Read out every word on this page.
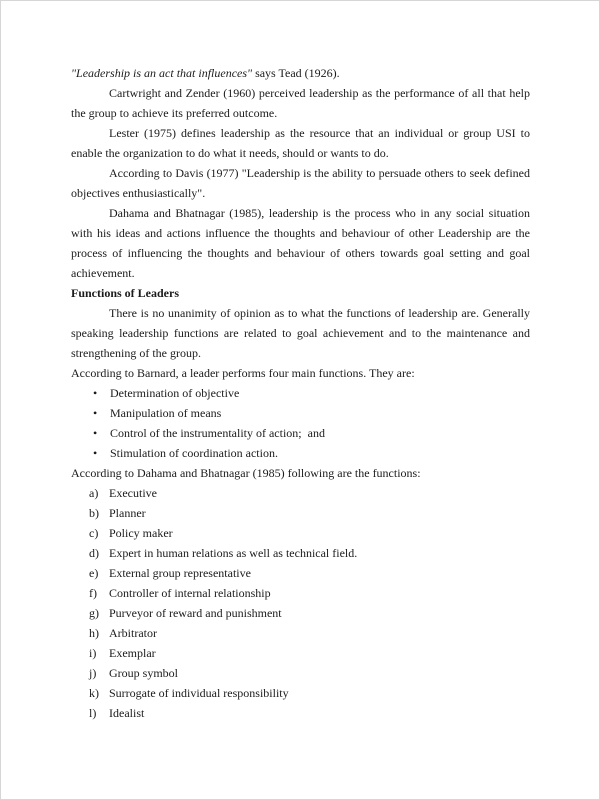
"Leadership is an act that influences" says Tead (1926).

Cartwright and Zender (1960) perceived leadership as the performance of all that help the group to achieve its preferred outcome.

Lester (1975) defines leadership as the resource that an individual or group USI to enable the organization to do what it needs, should or wants to do.

According to Davis (1977) "Leadership is the ability to persuade others to seek defined objectives enthusiastically".

Dahama and Bhatnagar (1985), leadership is the process who in any social situation with his ideas and actions influence the thoughts and behaviour of other Leadership are the process of influencing the thoughts and behaviour of others towards goal setting and goal achievement.

Functions of Leaders

There is no unanimity of opinion as to what the functions of leadership are. Generally speaking leadership functions are related to goal achievement and to the maintenance and strengthening of the group.

According to Barnard, a leader performs four main functions. They are:

•	Determination of objective
•	Manipulation of means
•	Control of the instrumentality of action;  and
•	Stimulation of coordination action.

According to Dahama and Bhatnagar (1985) following are the functions:

a) Executive
b) Planner
c) Policy maker
d) Expert in human relations as well as technical field.
e) External group representative
f)	Controller of internal relationship
g) Purveyor of reward and punishment
h) Arbitrator
i)	Exemplar
j)	Group symbol
k) Surrogate of individual responsibility
l)	Idealist
